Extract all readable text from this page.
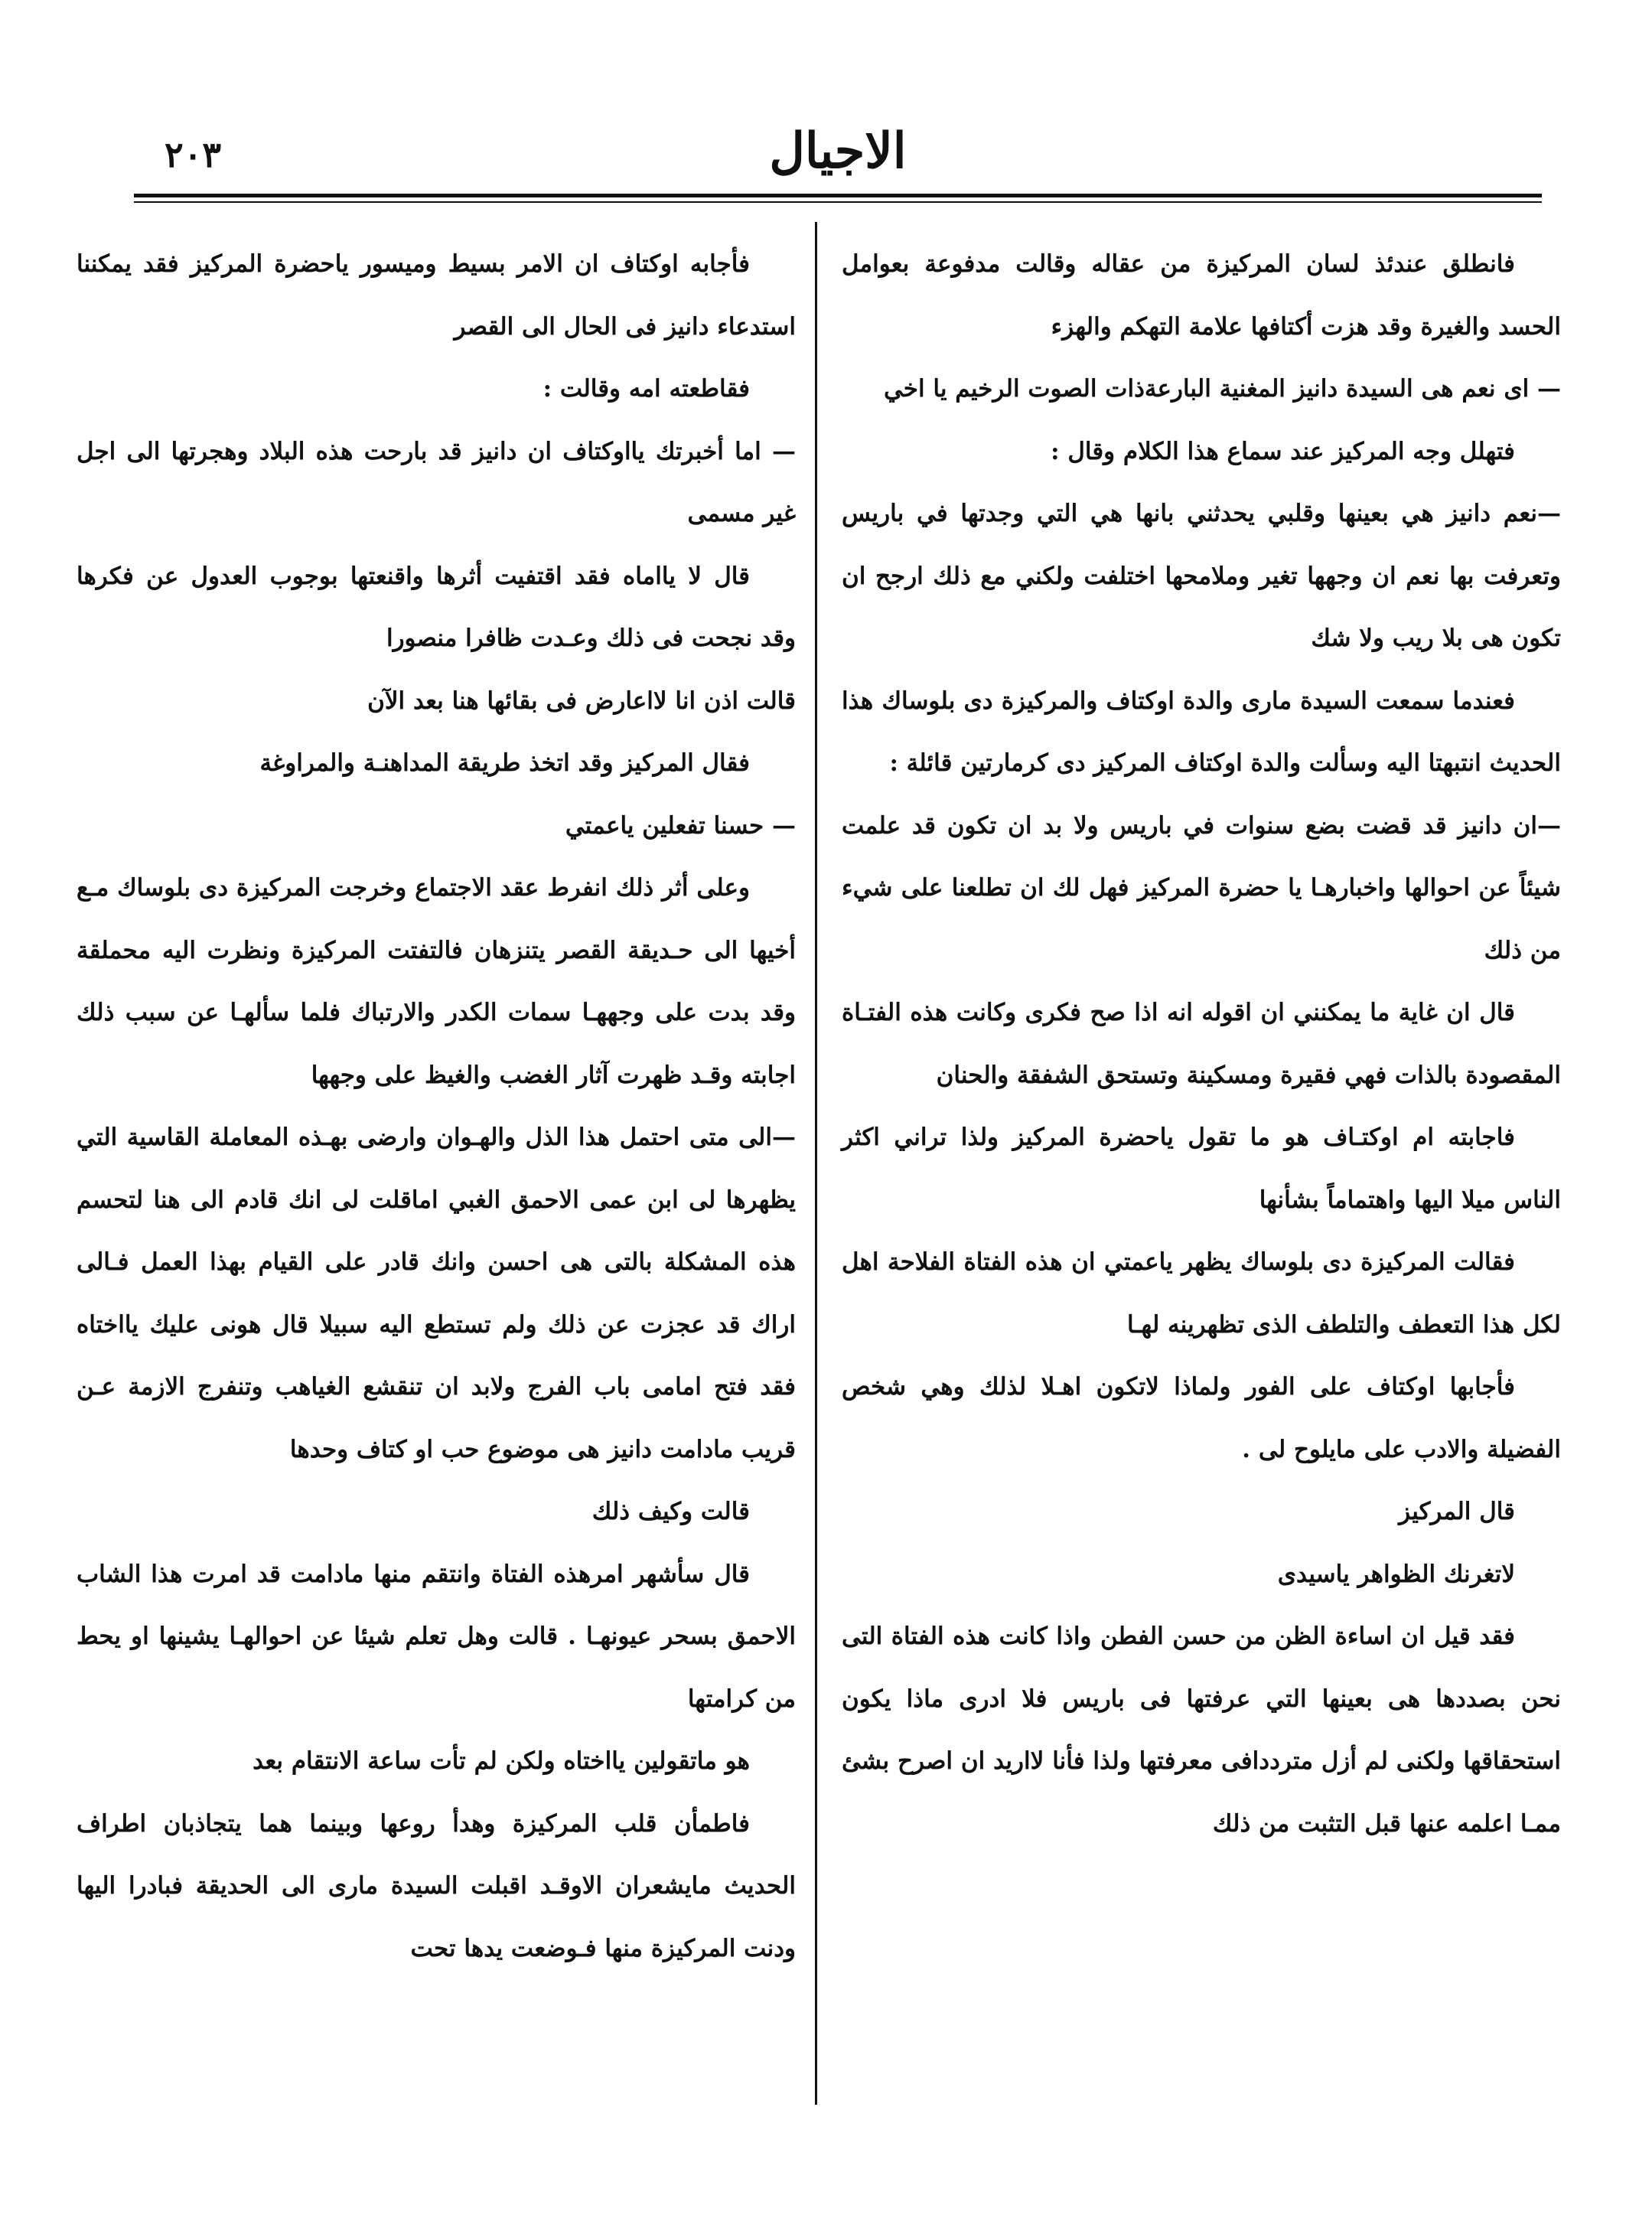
٢٠٣	الاجيال

فانطلق عندئذ لسان المركيزة من عقاله وقالت مدفوعة بعوامل الحسد والغيرة وقد هزت أكتافها علامة التهكم والهزء

— اى نعم هى السيدة دانيز المغنية البارعةذات الصوت الرخيم يا اخي

فتهلل وجه المركيز عند سماع هذا الكلام وقال :

—نعم دانيز هي بعينها وقلبي يحدثني بانها هي التي وجدتها في باريس وتعرفت بها نعم ان وجهها تغير وملامحها اختلفت ولكني مع ذلك ارجح ان تكون هى بلا ريب ولا شك

فعندما سمعت السيدة مارى والدة اوكتاف والمركيزة دى بلوساك هذا الحديث انتبهتا اليه وسألت والدة اوكتاف المركيز دى كرمارتين قائلة :

—ان دانيز قد قضت بضع سنوات في باريس ولا بد ان تكون قد علمت شيئاً عن احوالها واخبارهـا يا حضرة المركيز فهل لك ان تطلعنا على شيء من ذلك

قال ان غاية ما يمكنني ان اقوله انه اذا صح فكرى وكانت هذه الفتـاة المقصودة بالذات فهي فقيرة ومسكينة وتستحق الشفقة والحنان

فاجابته ام اوكتـاف هو ما تقول ياحضرة المركيز ولذا تراني اكثر الناس ميلا اليها واهتماماً بشأنها

فقالت المركيزة دى بلوساك يظهر ياعمتي ان هذه الفتاة الفلاحة اهل لكل هذا التعطف والتلطف الذى تظهرينه لهـا

فأجابها اوكتاف على الفور ولماذا لاتكون اهـلا لذلك وهي شخص الفضيلة والادب على مايلوح لى .

قال المركيز

لاتغرنك الظواهر ياسيدى

فقد قيل ان اساءة الظن من حسن الفطن واذا كانت هذه الفتاة التى نحن بصددها هى بعينها التي عرفتها فى باريس فلا ادرى ماذا يكون استحقاقها ولكنى لم أزل مترددافى معرفتها ولذا فأنا لااريد ان اصرح بشئ ممـا اعلمه عنها قبل التثبت من ذلك

فأجابه اوكتاف ان الامر بسيط وميسور ياحضرة المركيز فقد يمكننا استدعاء دانيز فى الحال الى القصر

فقاطعته امه وقالت :

— اما أخبرتك يااوكتاف ان دانيز قد بارحت هذه البلاد وهجرتها الى اجل غير مسمى

قال لا يااماه فقد اقتفيت أثرها واقنعتها بوجوب العدول عن فكرها وقد نجحت فى ذلك وعـدت ظافرا منصورا

قالت اذن انا لااعارض فى بقائها هنا بعد الآن

فقال المركيز وقد اتخذ طريقة المداهنـة والمراوغة

— حسنا تفعلين ياعمتي

وعلى أثر ذلك انفرط عقد الاجتماع وخرجت المركيزة دى بلوساك مـع أخيها الى حـديقة القصر يتنزهان فالتفتت المركيزة ونظرت اليه محملقة وقد بدت على وجههـا سمات الكدر والارتباك فلما سألهـا عن سبب ذلك اجابته وقـد ظهرت آثار الغضب والغيظ على وجهها

—الى متى احتمل هذا الذل والهـوان وارضى بهـذه المعاملة القاسية التي يظهرها لى ابن عمى الاحمق الغبي اماقلت لى انك قادم الى هنا لتحسم هذه المشكلة بالتى هى احسن وانك قادر على القيام بهذا العمل فـالى اراك قد عجزت عن ذلك ولم تستطع اليه سبيلا قال هونى عليك يااختاه فقد فتح امامى باب الفرج ولابد ان تنقشع الغياهب وتنفرج الازمة عـن قريب مادامت دانيز هى موضوع حب او كتاف وحدها

قالت وكيف ذلك

قال سأشهر امرهذه الفتاة وانتقم منها مادامت قد امرت هذا الشاب الاحمق بسحر عيونهـا . قالت وهل تعلم شيئا عن احوالهـا يشينها او يحط من كرامتها

هو ماتقولين يااختاه ولكن لم تأت ساعة الانتقام بعد

فاطمأن قلب المركيزة وهدأ روعها وبينما هما يتجاذبان اطراف الحديث مايشعران الاوقـد اقبلت السيدة مارى الى الحديقة فبادرا اليها ودنت المركيزة منها فـوضعت يدها تحت
